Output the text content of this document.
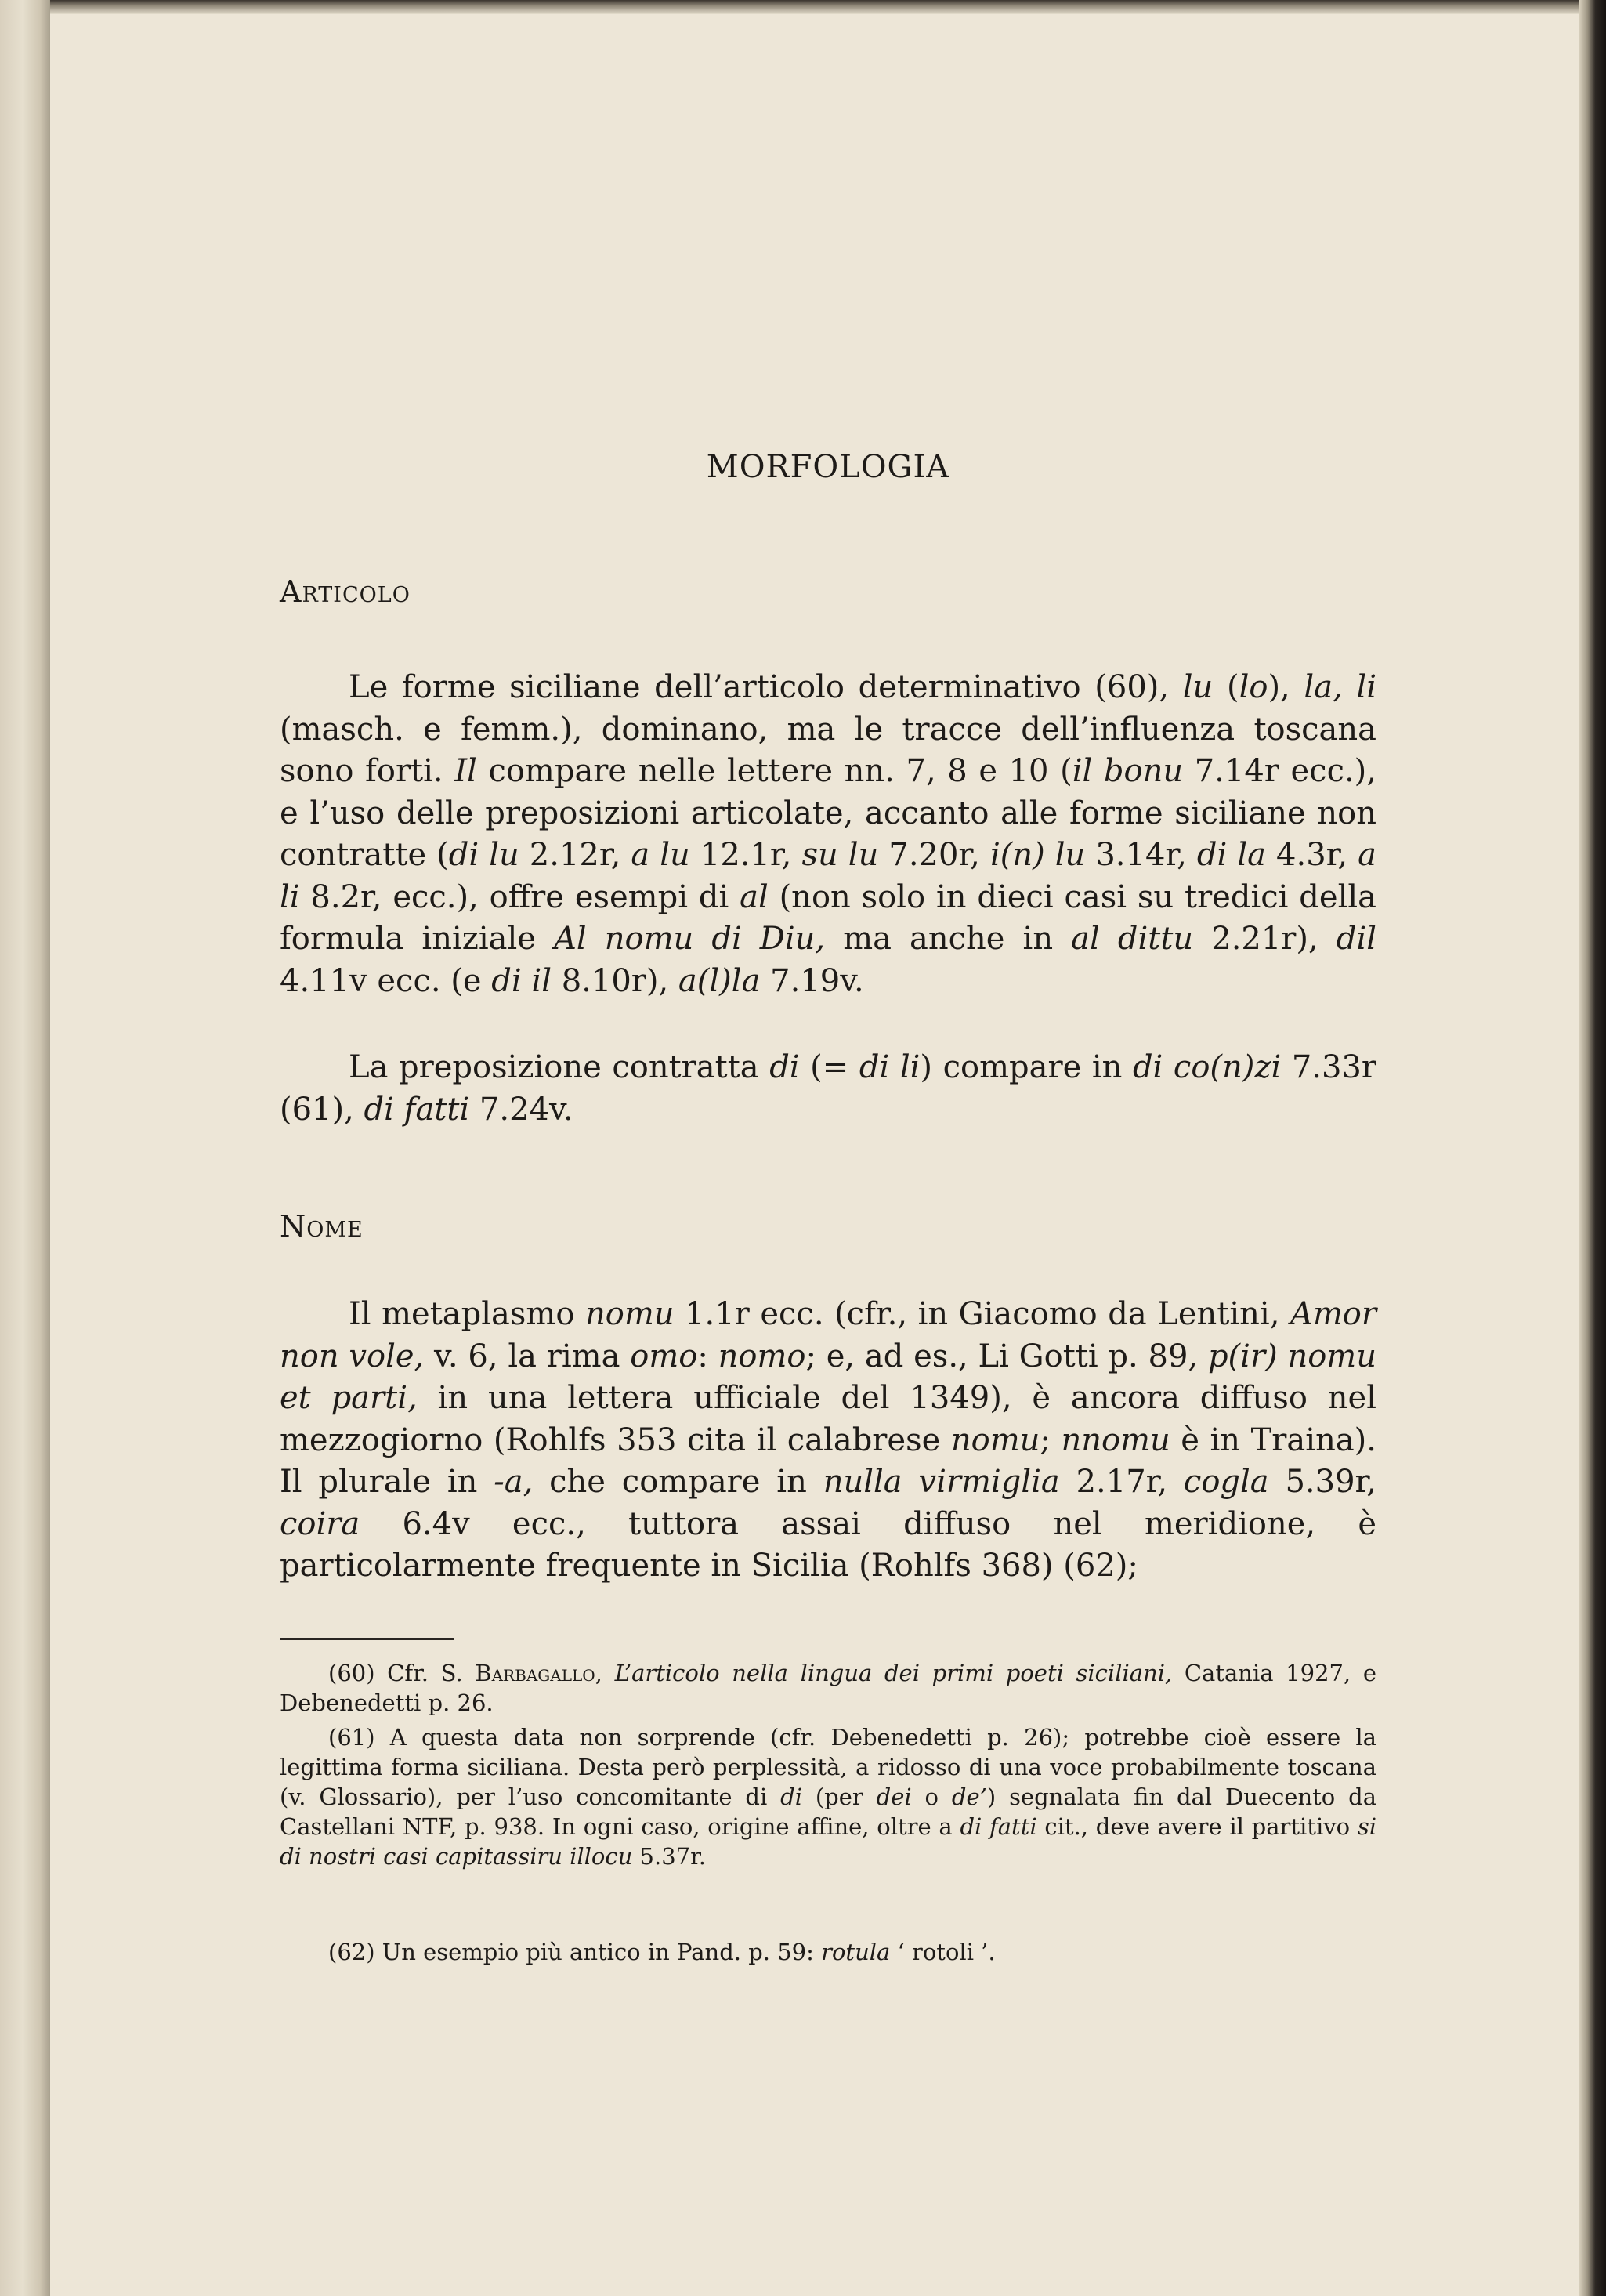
MORFOLOGIA
Articolo

Le forme siciliane dell’articolo determinativo (60), lu (lo), la, li (masch. e femm.), dominano, ma le tracce dell’influenza toscana sono forti. Il compare nelle lettere nn. 7, 8 e 10 (il bonu 7.14r ecc.), e l’uso delle preposizioni articolate, accanto alle forme siciliane non contratte (di lu 2.12r, a lu 12.1r, su lu 7.20r, i(n) lu 3.14r, di la 4.3r, a li 8.2r, ecc.), offre esempi di al (non solo in dieci casi su tredici della formula iniziale Al nomu di Diu, ma anche in al dittu 2.21r), dil 4.11v ecc. (e di il 8.10r), a(l)la 7.19v.

La preposizione contratta di (= di li) compare in di co(n)zi 7.33r (61), di fatti 7.24v.

Nome

Il metaplasmo nomu 1.1r ecc. (cfr., in Giacomo da Lentini, Amor non vole, v. 6, la rima omo: nomo; e, ad es., Li Gotti p. 89, p(ir) nomu et parti, in una lettera ufficiale del 1349), è ancora diffuso nel mezzogiorno (Rohlfs 353 cita il calabrese nomu; nnomu è in Traina). Il plurale in -a, che compare in nulla virmiglia 2.17r, cogla 5.39r, coira 6.4v ecc., tuttora assai diffuso nel meridione, è particolarmente frequente in Sicilia (Rohlfs 368) (62);

(60) Cfr. S. Barbagallo, L’articolo nella lingua dei primi poeti siciliani, Catania 1927, e Debenedetti p. 26.

(61) A questa data non sorprende (cfr. Debenedetti p. 26); potrebbe cioè essere la legittima forma siciliana. Desta però perplessità, a ridosso di una voce probabilmente toscana (v. Glossario), per l’uso concomitante di di (per dei o de’) segnalata fin dal Duecento da Castellani NTF, p. 938. In ogni caso, origine affine, oltre a di fatti cit., deve avere il partitivo si di nostri casi capitassiru illocu 5.37r.

(62) Un esempio più antico in Pand. p. 59: rotula ‘ rotoli ’.
